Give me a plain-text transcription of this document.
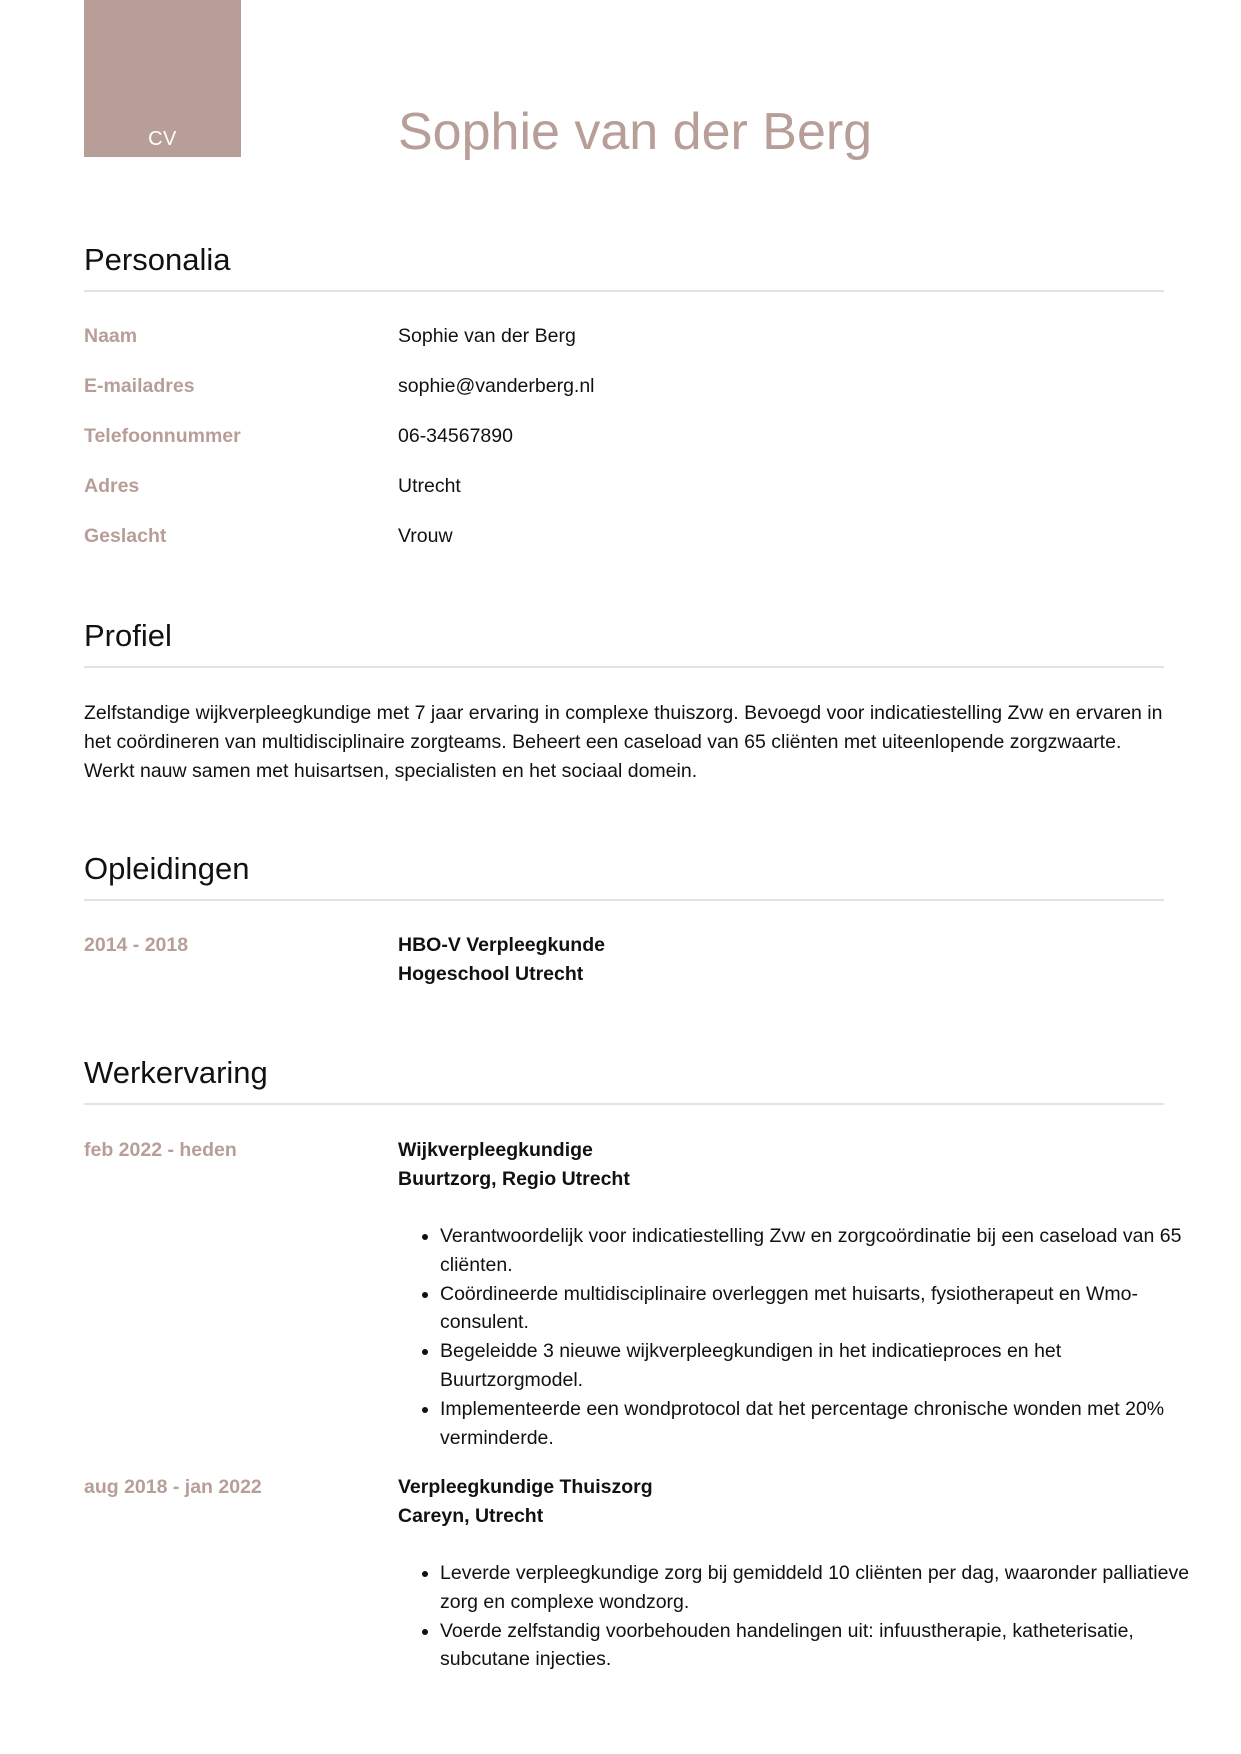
CV	Sophie van der Berg
Personalia
Naam	Sophie van der Berg
E-mailadres	sophie@vanderberg.nl
Telefoonnummer	06-34567890
Adres	Utrecht
Geslacht	Vrouw
Profiel
Zelfstandige wijkverpleegkundige met 7 jaar ervaring in complexe thuiszorg. Bevoegd voor indicatiestelling Zvw en ervaren in het coördineren van multidisciplinaire zorgteams. Beheert een caseload van 65 cliënten met uiteenlopende zorgzwaarte. Werkt nauw samen met huisartsen, specialisten en het sociaal domein.
Opleidingen
2014 - 2018	HBO-V Verpleegkunde
Hogeschool Utrecht
Werkervaring
feb 2022 - heden	Wijkverpleegkundige
Buurtzorg, Regio Utrecht
• Verantwoordelijk voor indicatiestelling Zvw en zorgcoördinatie bij een caseload van 65 cliënten.
• Coördineerde multidisciplinaire overleggen met huisarts, fysiotherapeut en Wmo-consulent.
• Begeleidde 3 nieuwe wijkverpleegkundigen in het indicatieproces en het Buurtzorgmodel.
• Implementeerde een wondprotocol dat het percentage chronische wonden met 20% verminderde.
aug 2018 - jan 2022	Verpleegkundige Thuiszorg
Careyn, Utrecht
• Leverde verpleegkundige zorg bij gemiddeld 10 cliënten per dag, waaronder palliatieve zorg en complexe wondzorg.
• Voerde zelfstandig voorbehouden handelingen uit: infuustherapie, katheterisatie, subcutane injecties.
